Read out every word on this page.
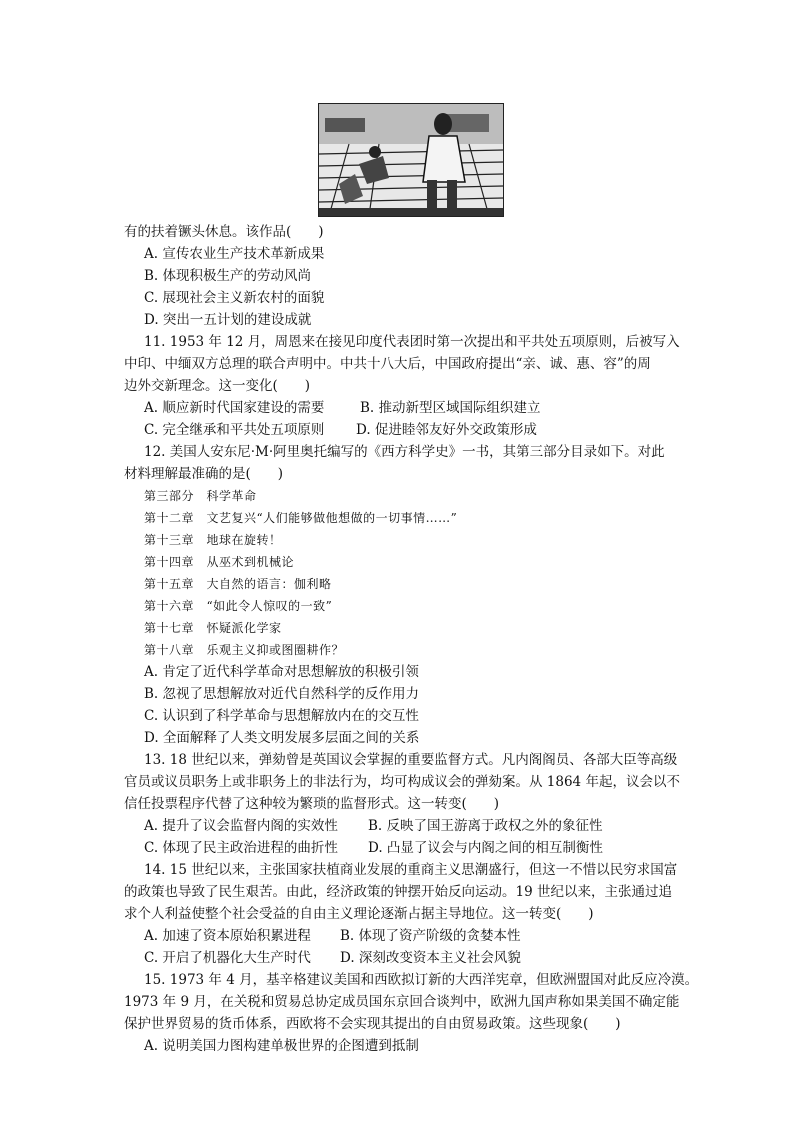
有的扶着镢头休息。该作品(　　)
A. 宣传农业生产技术革新成果
B. 体现积极生产的劳动风尚
C. 展现社会主义新农村的面貌
D. 突出一五计划的建设成就
11. 1953 年 12 月，周恩来在接见印度代表团时第一次提出和平共处五项原则，后被写入
中印、中缅双方总理的联合声明中。中共十八大后，中国政府提出“亲、诚、惠、容”的周
边外交新理念。这一变化(　　)
A. 顺应新时代国家建设的需要	B. 推动新型区域国际组织建立
C. 完全继承和平共处五项原则 D. 促进睦邻友好外交政策形成
12. 美国人安东尼·M·阿里奥托编写的《西方科学史》一书，其第三部分目录如下。对此
材料理解最准确的是(　　)
第三部分　科学革命
第十二章　文艺复兴“人们能够做他想做的一切事情……”
第十三章　地球在旋转！
第十四章　从巫术到机械论
第十五章　大自然的语言：伽利略
第十六章　“如此令人惊叹的一致”
第十七章　怀疑派化学家
第十八章　乐观主义抑或图圈耕作？
A. 肯定了近代科学革命对思想解放的积极引领
B. 忽视了思想解放对近代自然科学的反作用力
C. 认识到了科学革命与思想解放内在的交互性
D. 全面解释了人类文明发展多层面之间的关系
13. 18 世纪以来，弹劾曾是英国议会掌握的重要监督方式。凡内阁阁员、各部大臣等高级
官员或议员职务上或非职务上的非法行为，均可构成议会的弹劾案。从 1864 年起，议会以不
信任投票程序代替了这种较为繁琐的监督形式。这一转变(　　)
A. 提升了议会监督内阁的实效性 B. 反映了国王游离于政权之外的象征性
C. 体现了民主政治进程的曲折性 D. 凸显了议会与内阁之间的相互制衡性
14. 15 世纪以来，主张国家扶植商业发展的重商主义思潮盛行，但这一不惜以民穷求国富
的政策也导致了民生艰苦。由此，经济政策的钟摆开始反向运动。19 世纪以来，主张通过追
求个人利益使整个社会受益的自由主义理论逐渐占据主导地位。这一转变(　　)
A. 加速了资本原始积累进程 B. 体现了资产阶级的贪婪本性
C. 开启了机器化大生产时代 D. 深刻改变资本主义社会风貌
15. 1973 年 4 月，基辛格建议美国和西欧拟订新的大西洋宪章，但欧洲盟国对此反应冷漠。
1973 年 9 月，在关税和贸易总协定成员国东京回合谈判中，欧洲九国声称如果美国不确定能
保护世界贸易的货币体系，西欧将不会实现其提出的自由贸易政策。这些现象(　　)
A. 说明美国力图构建单极世界的企图遭到抵制
